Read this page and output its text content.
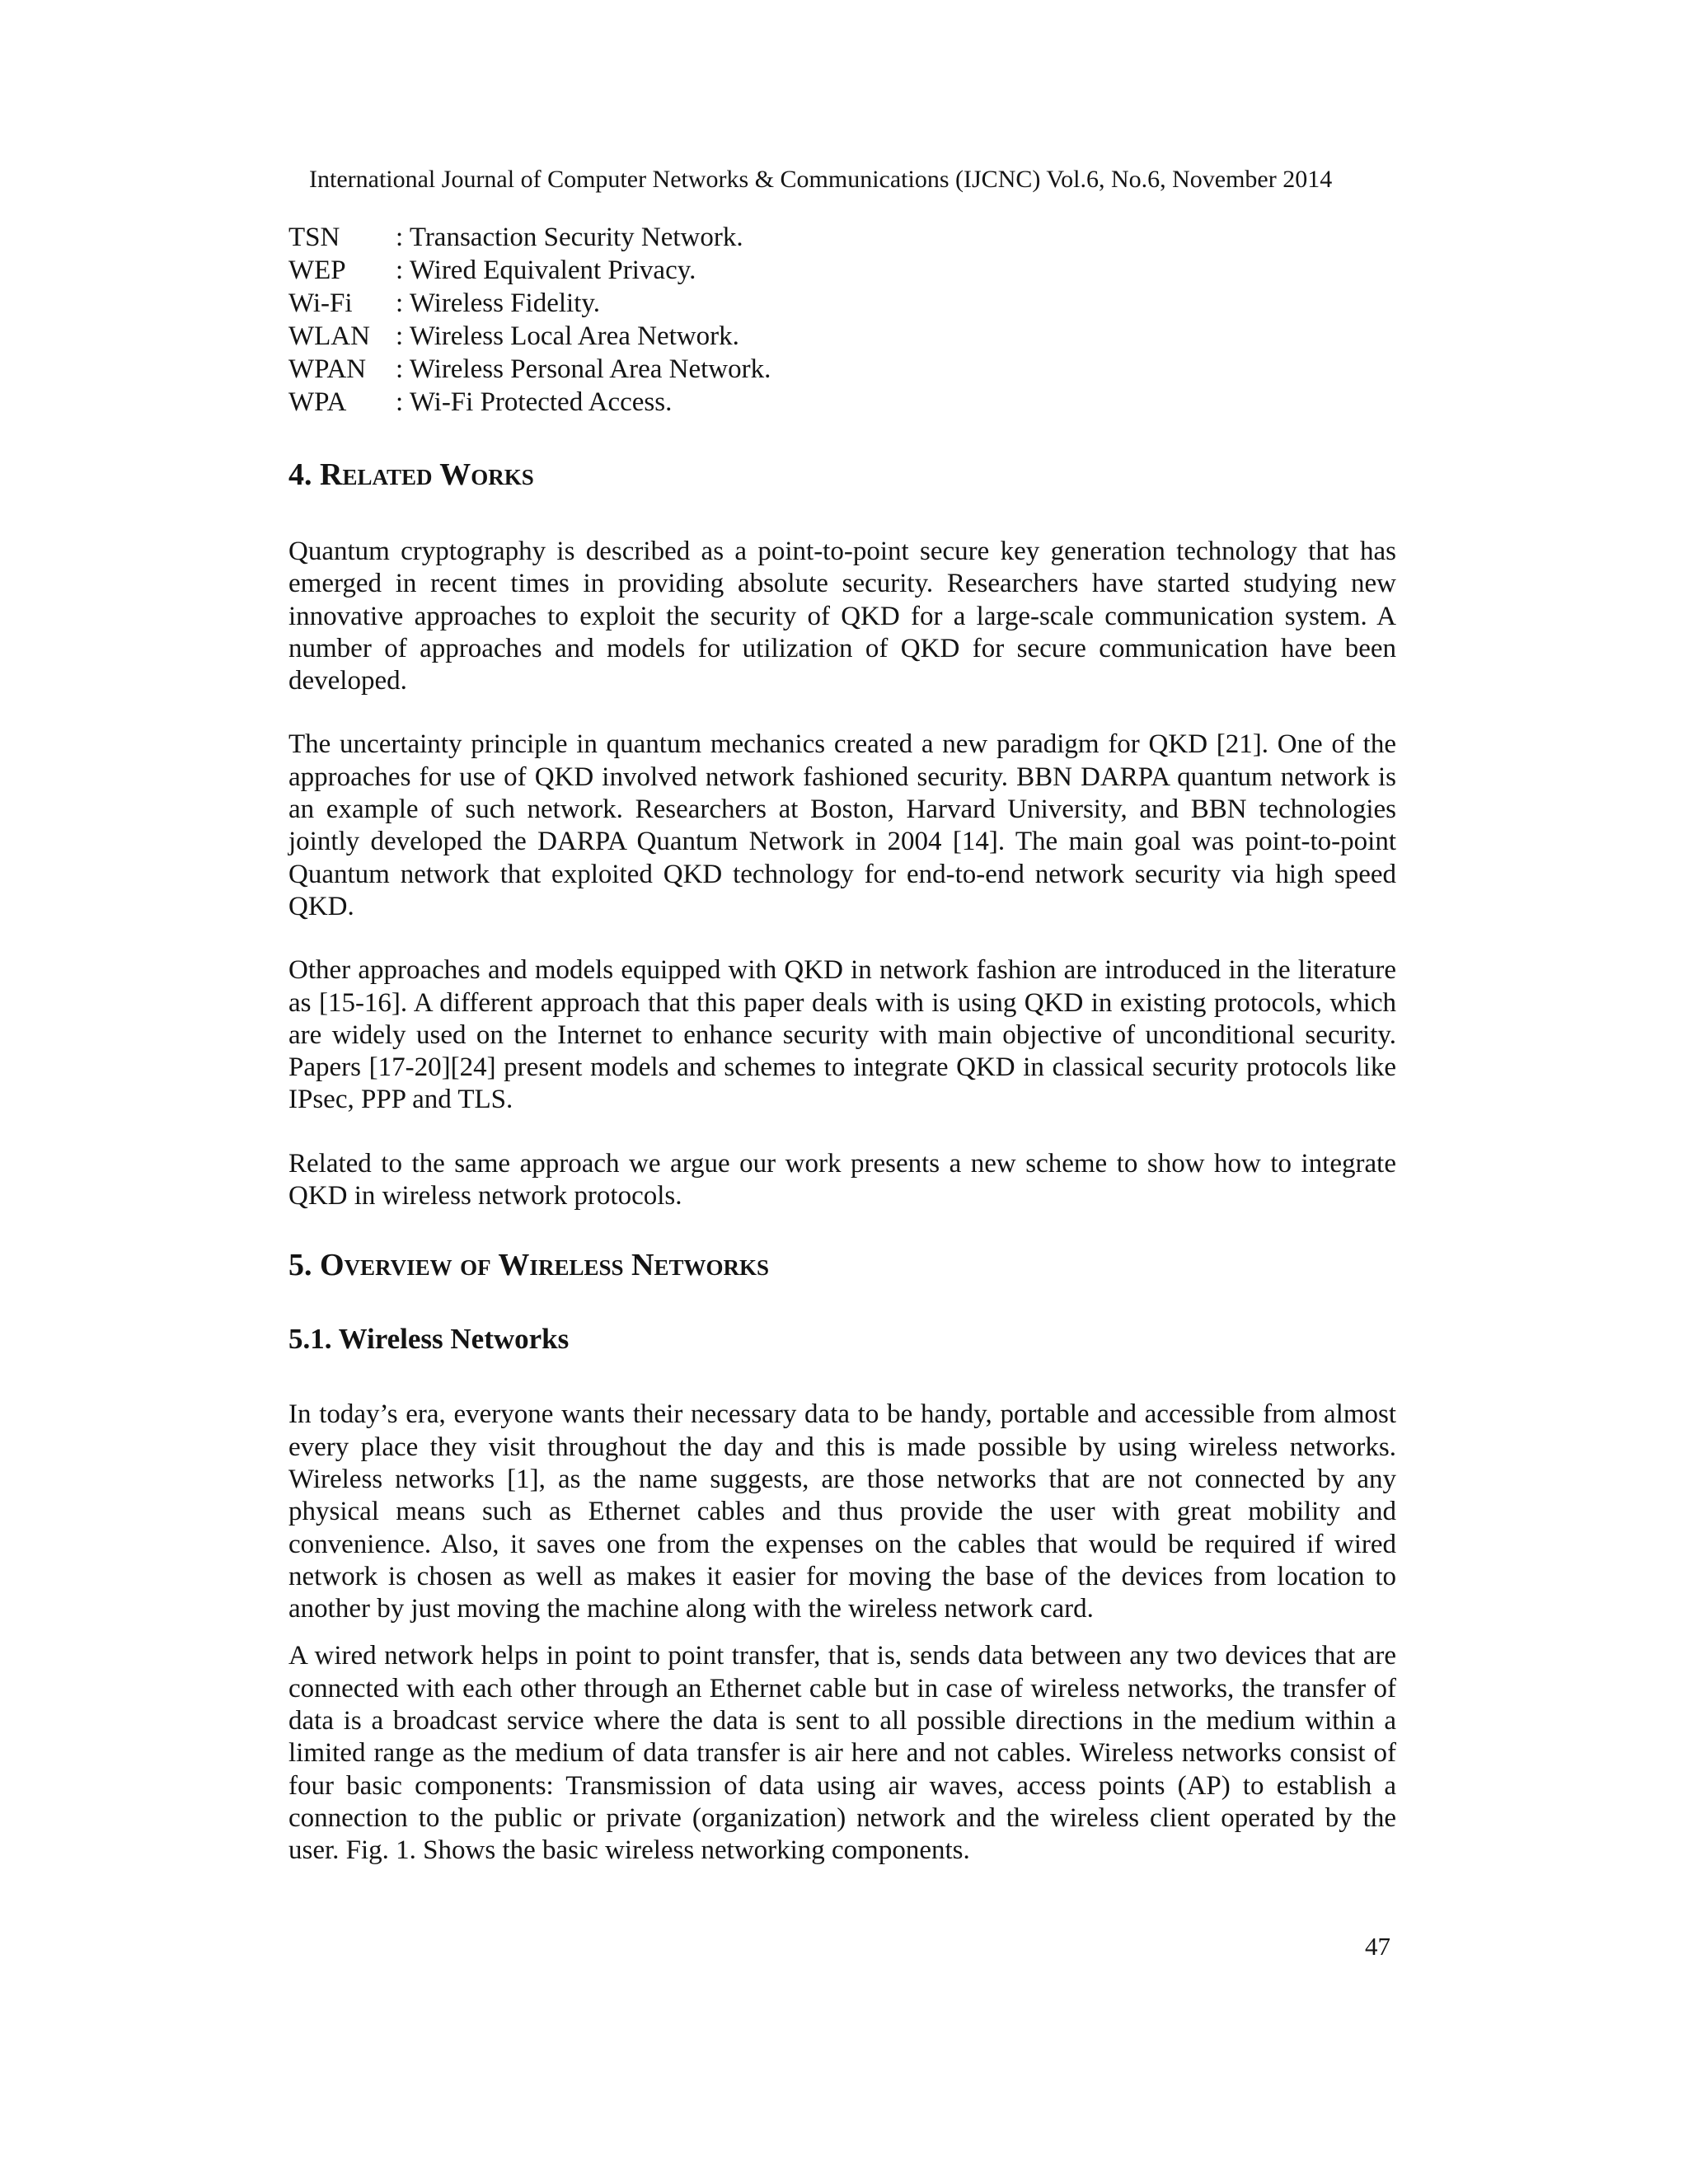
International Journal of Computer Networks & Communications (IJCNC) Vol.6, No.6, November 2014
TSN	: Transaction Security Network.
WEP	: Wired Equivalent Privacy.
Wi-Fi	: Wireless Fidelity.
WLAN : Wireless Local Area Network.
WPAN	: Wireless Personal Area Network.
WPA	: Wi-Fi Protected Access.
4. Related Works

Quantum cryptography is described as a point-to-point secure key generation technology that has emerged in recent times in providing absolute security. Researchers have started studying new innovative approaches to exploit the security of QKD for a large-scale communication system. A number of approaches and models for utilization of QKD for secure communication have been developed.

The uncertainty principle in quantum mechanics created a new paradigm for QKD [21]. One of the approaches for use of QKD involved network fashioned security. BBN DARPA quantum network is an example of such network. Researchers at Boston, Harvard University, and BBN technologies jointly developed the DARPA Quantum Network in 2004 [14]. The main goal was point-to-point Quantum network that exploited QKD technology for end-to-end network security via high speed QKD.

Other approaches and models equipped with QKD in network fashion are introduced in the literature as [15-16]. A different approach that this paper deals with is using QKD in existing protocols, which are widely used on the Internet to enhance security with main objective of unconditional security. Papers [17-20][24] present models and schemes to integrate QKD in classical security protocols like IPsec, PPP and TLS.

Related to the same approach we argue our work presents a new scheme to show how to integrate QKD in wireless network protocols.

5. Overview of Wireless Networks
5.1. Wireless Networks

In today’s era, everyone wants their necessary data to be handy, portable and accessible from almost every place they visit throughout the day and this is made possible by using wireless networks. Wireless networks [1], as the name suggests, are those networks that are not connected by any physical means such as Ethernet cables and thus provide the user with great mobility and convenience. Also, it saves one from the expenses on the cables that would be required if wired network is chosen as well as makes it easier for moving the base of the devices from location to another by just moving the machine along with the wireless network card.

A wired network helps in point to point transfer, that is, sends data between any two devices that are connected with each other through an Ethernet cable but in case of wireless networks, the transfer of data is a broadcast service where the data is sent to all possible directions in the medium within a limited range as the medium of data transfer is air here and not cables. Wireless networks consist of four basic components: Transmission of data using air waves, access points (AP) to establish a connection to the public or private (organization) network and the wireless client operated by the user. Fig. 1. Shows the basic wireless networking components.

47
